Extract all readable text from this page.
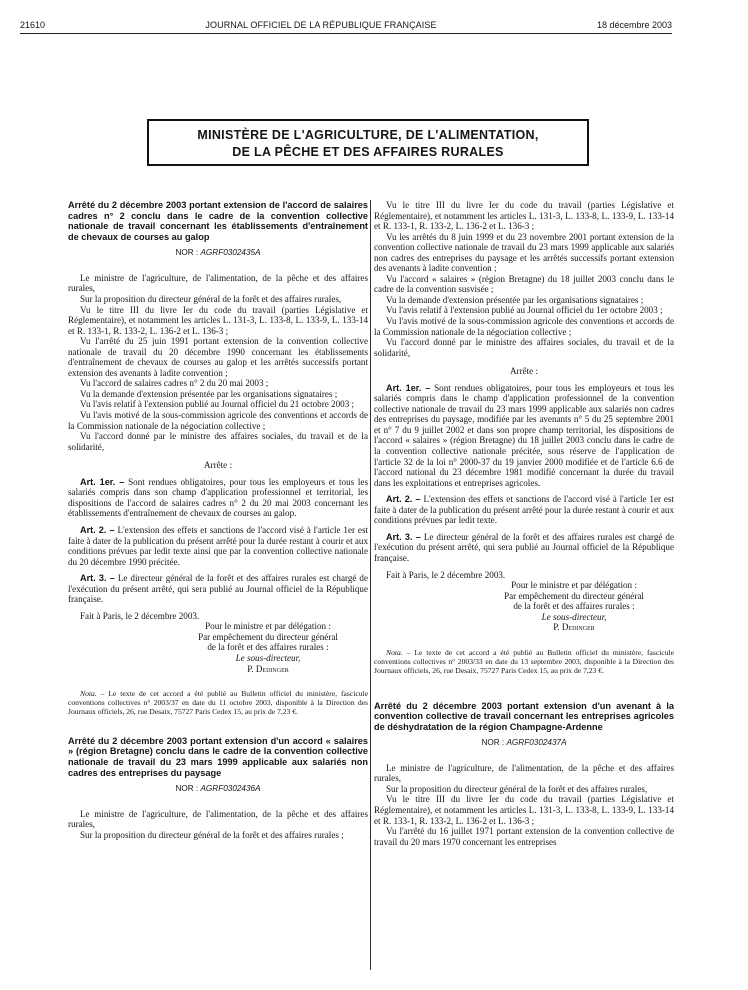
21610	JOURNAL OFFICIEL DE LA RÉPUBLIQUE FRANÇAISE	18 décembre 2003
MINISTÈRE DE L'AGRICULTURE, DE L'ALIMENTATION,
DE LA PÊCHE ET DES AFFAIRES RURALES

Arrêté du 2 décembre 2003 portant extension de l'accord de salaires cadres n° 2 conclu dans le cadre de la convention collective nationale de travail concernant les établissements d'entraînement de chevaux de courses au galop

NOR : AGRF0302435A

Le ministre de l'agriculture, de l'alimentation, de la pêche et des affaires rurales,

Sur la proposition du directeur général de la forêt et des affaires rurales,

Vu le titre III du livre Ier du code du travail (parties Législative et Réglementaire), et notamment les articles L. 131-3, L. 133-8, L. 133-9, L. 133-14 et R. 133-1, R. 133-2, L. 136-2 et L. 136-3 ;

Vu l'arrêté du 25 juin 1991 portant extension de la convention collective nationale de travail du 20 décembre 1990 concernant les établissements d'entraînement de chevaux de courses au galop et les arrêtés successifs portant extension des avenants à ladite convention ;

Vu l'accord de salaires cadres n° 2 du 20 mai 2003 ;

Vu la demande d'extension présentée par les organisations signataires ;

Vu l'avis relatif à l'extension publié au Journal officiel du 21 octobre 2003 ;

Vu l'avis motivé de la sous-commission agricole des conventions et accords de la Commission nationale de la négociation collective ;

Vu l'accord donné par le ministre des affaires sociales, du travail et de la solidarité,

Arrête :

Art. 1er. – Sont rendues obligatoires, pour tous les employeurs et tous les salariés compris dans son champ d'application professionnel et territorial, les dispositions de l'accord de salaires cadres n° 2 du 20 mai 2003 concernant les établissements d'entraînement de chevaux de courses au galop.

Art. 2. – L'extension des effets et sanctions de l'accord visé à l'article 1er est faite à dater de la publication du présent arrêté pour la durée restant à courir et aux conditions prévues par ledit texte ainsi que par la convention collective nationale du 20 décembre 1990 précitée.

Art. 3. – Le directeur général de la forêt et des affaires rurales est chargé de l'exécution du présent arrêté, qui sera publié au Journal officiel de la République française.

Fait à Paris, le 2 décembre 2003.

Pour le ministre et par délégation :

Par empêchement du directeur général

de la forêt et des affaires rurales :

Le sous-directeur,

P. Dedinger

Nota. – Le texte de cet accord a été publié au Bulletin officiel du ministère, fascicule conventions collectives n° 2003/37 en date du 11 octobre 2003, disponible à la Direction des Journaux officiels, 26, rue Desaix, 75727 Paris Cedex 15, au prix de 7,23 €.

Arrêté du 2 décembre 2003 portant extension d'un accord « salaires » (région Bretagne) conclu dans le cadre de la convention collective nationale de travail du 23 mars 1999 applicable aux salariés non cadres des entreprises du paysage

NOR : AGRF0302436A

Le ministre de l'agriculture, de l'alimentation, de la pêche et des affaires rurales,

Sur la proposition du directeur général de la forêt et des affaires rurales ;

Vu le titre III du livre Ier du code du travail (parties Législative et Réglementaire), et notamment les articles L. 131-3, L. 133-8, L. 133-9, L. 133-14 et R. 133-1, R. 133-2, L. 136-2 et L. 136-3 ;

Vu les arrêtés du 8 juin 1999 et du 23 novembre 2001 portant extension de la convention collective nationale de travail du 23 mars 1999 applicable aux salariés non cadres des entreprises du paysage et les arrêtés successifs portant extension des avenants à ladite convention ;

Vu l'accord « salaires » (région Bretagne) du 18 juillet 2003 conclu dans le cadre de la convention susvisée ;

Vu la demande d'extension présentée par les organisations signataires ;

Vu l'avis relatif à l'extension publié au Journal officiel du 1er octobre 2003 ;

Vu l'avis motivé de la sous-commission agricole des conventions et accords de la Commission nationale de la négociation collective ;

Vu l'accord donné par le ministre des affaires sociales, du travail et de la solidarité,

Arrête :

Art. 1er. – Sont rendues obligatoires, pour tous les employeurs et tous les salariés compris dans le champ d'application professionnel de la convention collective nationale de travail du 23 mars 1999 applicable aux salariés non cadres des entreprises du paysage, modifiée par les avenants n° 5 du 25 septembre 2001 et n° 7 du 9 juillet 2002 et dans son propre champ territorial, les dispositions de l'accord « salaires » (région Bretagne) du 18 juillet 2003 conclu dans le cadre de la convention collective nationale précitée, sous réserve de l'application de l'article 32 de la loi n° 2000-37 du 19 janvier 2000 modifiée et de l'article 6.6 de l'accord national du 23 décembre 1981 modifié concernant la durée du travail dans les exploitations et entreprises agricoles.

Art. 2. – L'extension des effets et sanctions de l'accord visé à l'article 1er est faite à dater de la publication du présent arrêté pour la durée restant à courir et aux conditions prévues par ledit texte.

Art. 3. – Le directeur général de la forêt et des affaires rurales est chargé de l'exécution du présent arrêté, qui sera publié au Journal officiel de la République française.

Fait à Paris, le 2 décembre 2003.

Pour le ministre et par délégation :

Par empêchement du directeur général

de la forêt et des affaires rurales :

Le sous-directeur,

P. Dedinger

Nota. – Le texte de cet accord a été publié au Bulletin officiel du ministère, fascicule conventions collectives n° 2003/33 en date du 13 septembre 2003, disponible à la Direction des Journaux officiels, 26, rue Desaix, 75727 Paris Cedex 15, au prix de 7,23 €.

Arrêté du 2 décembre 2003 portant extension d'un avenant à la convention collective de travail concernant les entreprises agricoles de déshydratation de la région Champagne-Ardenne

NOR : AGRF0302437A

Le ministre de l'agriculture, de l'alimentation, de la pêche et des affaires rurales,

Sur la proposition du directeur général de la forêt et des affaires rurales,

Vu le titre III du livre Ier du code du travail (parties Législative et Réglementaire), et notamment les articles L. 131-3, L. 133-8, L. 133-9, L. 133-14 et R. 133-1, R. 133-2, L. 136-2 et L. 136-3 ;

Vu l'arrêté du 16 juillet 1971 portant extension de la convention collective de travail du 20 mars 1970 concernant les entreprises
